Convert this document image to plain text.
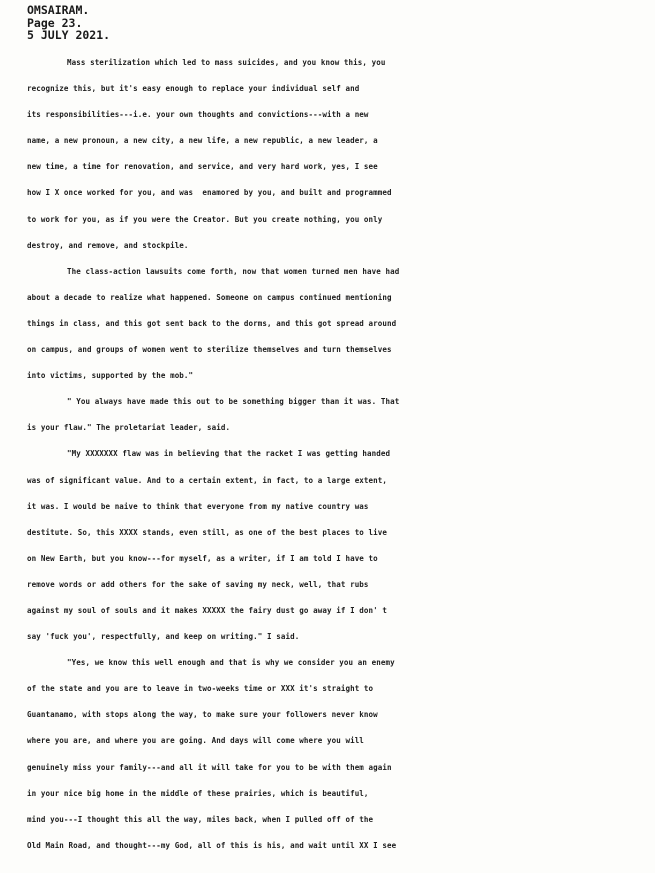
OMSAIRAM.
Page 23.
5 JULY 2021.
Mass sterilization which led to mass suicides, and you know this, you
recognize this, but it's easy enough to replace your individual self and
its responsibilities---i.e. your own thoughts and convictions---with a new
name, a new pronoun, a new city, a new life, a new republic, a new leader, a
new time, a time for renovation, and service, and very hard work, yes, I see
how I X once worked for you, and was  enamored by you, and built and programmed
to work for you, as if you were the Creator. But you create nothing, you only
destroy, and remove, and stockpile.
The class-action lawsuits come forth, now that women turned men have had
about a decade to realize what happened. Someone on campus continued mentioning
things in class, and this got sent back to the dorms, and this got spread around
on campus, and groups of women went to sterilize themselves and turn themselves
into victims, supported by the mob."
" You always have made this out to be something bigger than it was. That
is your flaw." The proletariat leader, said.
"My XXXXXXX flaw was in believing that the racket I was getting handed
was of significant value. And to a certain extent, in fact, to a large extent,
it was. I would be naive to think that everyone from my native country was
destitute. So, this XXXX stands, even still, as one of the best places to live
on New Earth, but you know---for myself, as a writer, if I am told I have to
remove words or add others for the sake of saving my neck, well, that rubs
against my soul of souls and it makes XXXXX the fairy dust go away if I don' t
say 'fuck you', respectfully, and keep on writing." I said.
"Yes, we know this well enough and that is why we consider you an enemy
of the state and you are to leave in two-weeks time or XXX it's straight to
Guantanamo, with stops along the way, to make sure your followers never know
where you are, and where you are going. And days will come where you will
genuinely miss your family---and all it will take for you to be with them again
in your nice big home in the middle of these prairies, which is beautiful,
mind you---I thought this all the way, miles back, when I pulled off of the
Old Main Road, and thought---my God, all of this is his, and wait until XX I see
